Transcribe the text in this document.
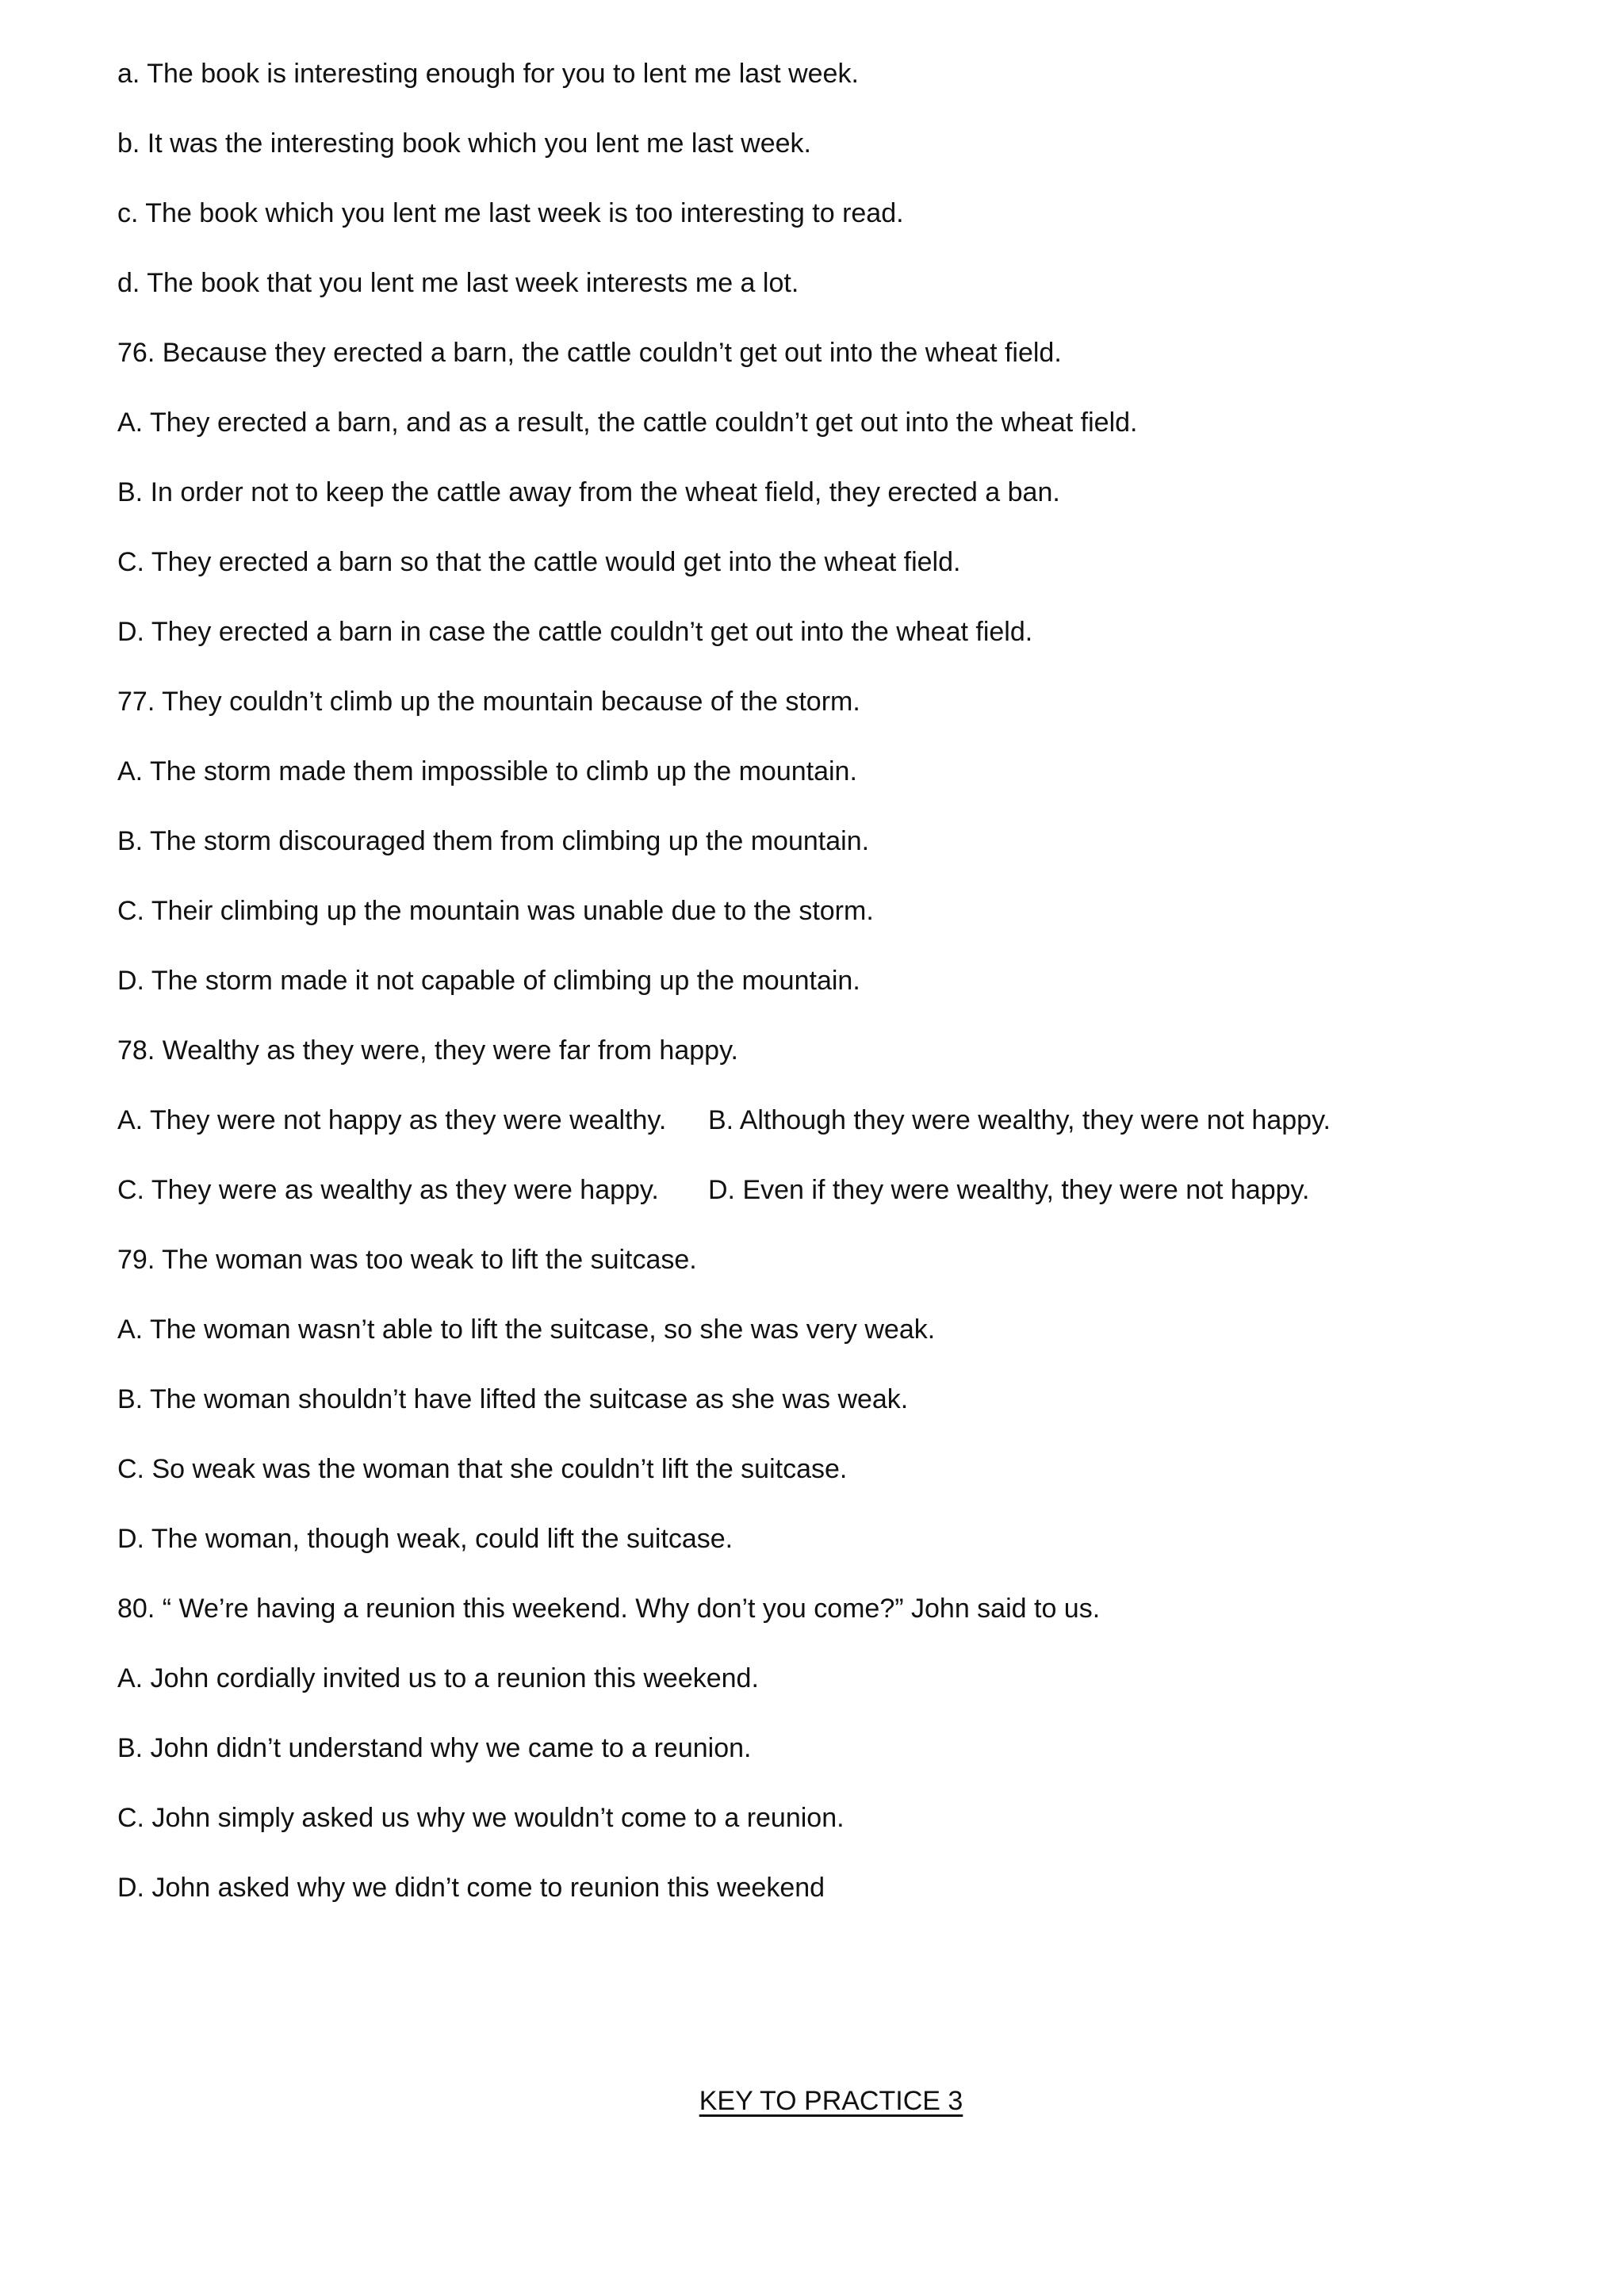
a. The book is interesting enough for you to lent me last week.
b. It was the interesting book which you lent me last week.
c. The book which you lent me last week is too interesting to read.
d. The book that you lent me last week interests me a lot.
76. Because they erected a barn, the cattle couldn’t get out into the wheat field.
A. They erected a barn, and as a result, the cattle couldn’t get out into the wheat field.
B. In order not to keep the cattle away from the wheat field, they erected a ban.
C. They erected a barn so that the cattle would get into the wheat field.
D. They erected a barn in case the cattle couldn’t get out into the wheat field.
77. They couldn’t climb up the mountain because of the storm.
A. The storm made them impossible to climb up the mountain.
B. The storm discouraged them from climbing up the mountain.
C. Their climbing up the mountain was unable due to the storm.
D. The storm made it not capable of climbing up the mountain.
78. Wealthy as they were, they were far from happy.
A. They were not happy as they were wealthy.	B. Although they were wealthy, they were not happy.
C. They were as wealthy as they were happy.	D. Even if they were wealthy, they were not happy.
79. The woman was too weak to lift the suitcase.
A. The woman wasn’t able to lift the suitcase, so she was very weak.
B. The woman shouldn’t have lifted the suitcase as she was weak.
C. So weak was the woman that she couldn’t lift the suitcase.
D. The woman, though weak, could lift the suitcase.
80. “ We’re having a reunion this weekend. Why don’t you come?” John said to us.
A. John cordially invited us to a reunion this weekend.
B. John didn’t understand why we came to a reunion.
C. John simply asked us why we wouldn’t come to a reunion.
D. John asked why we didn’t come to reunion this weekend
KEY TO PRACTICE 3
